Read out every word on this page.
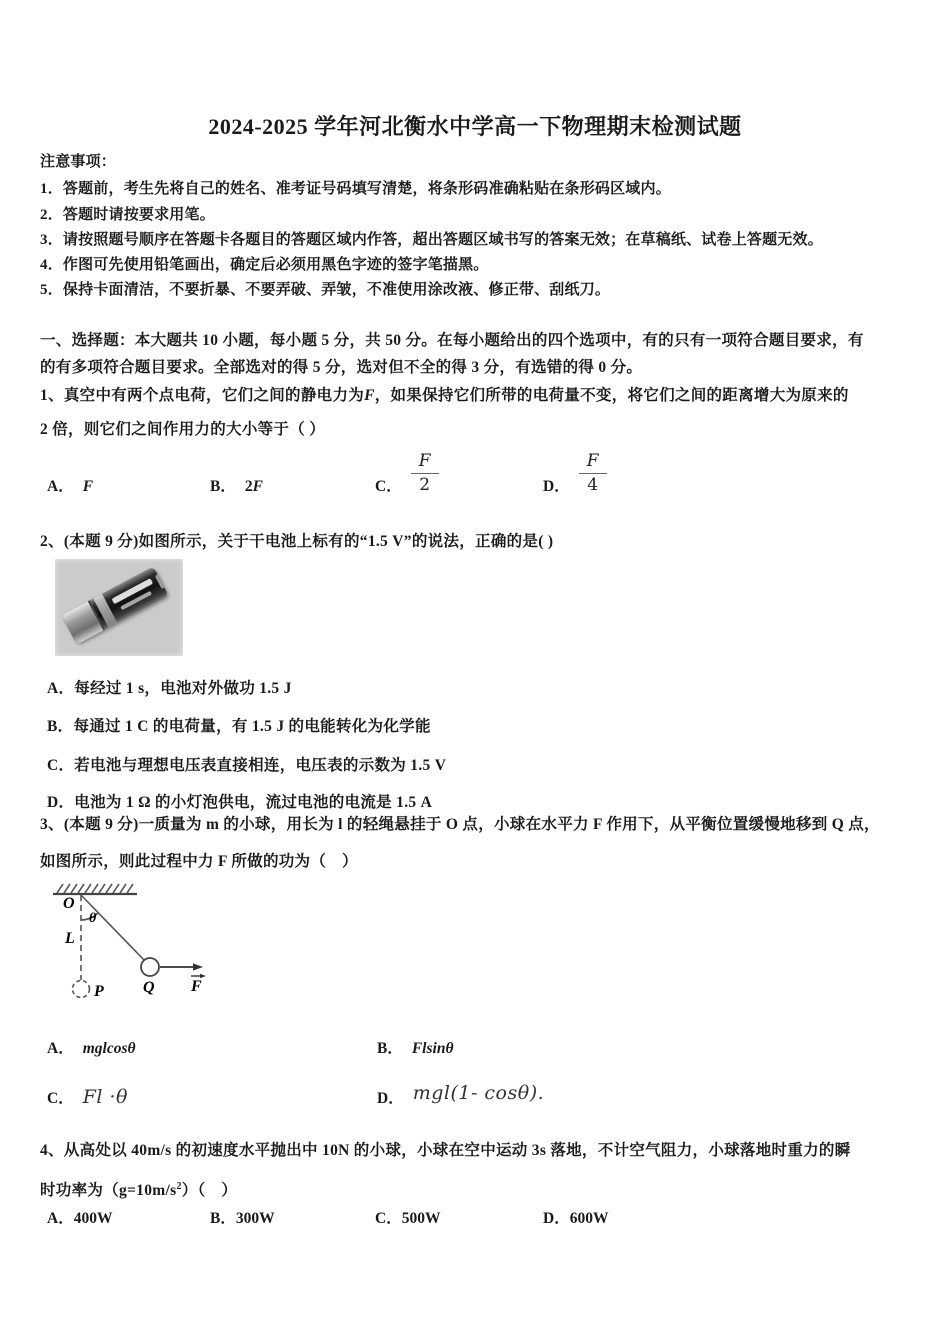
2024-2025 学年河北衡水中学高一下物理期末检测试题
注意事项：
1．答题前，考生先将自己的姓名、准考证号码填写清楚，将条形码准确粘贴在条形码区域内。
2．答题时请按要求用笔。
3．请按照题号顺序在答题卡各题目的答题区域内作答，超出答题区域书写的答案无效；在草稿纸、试卷上答题无效。
4．作图可先使用铅笔画出，确定后必须用黑色字迹的签字笔描黑。
5．保持卡面清洁，不要折暴、不要弄破、弄皱，不准使用涂改液、修正带、刮纸刀。
一、选择题：本大题共 10 小题，每小题 5 分，共 50 分。在每小题给出的四个选项中，有的只有一项符合题目要求，有
的有多项符合题目要求。全部选对的得 5 分，选对但不全的得 3 分，有选错的得 0 分。
1、真空中有两个点电荷，它们之间的静电力为F，如果保持它们所带的电荷量不变，将它们之间的距离增大为原来的
2 倍，则它们之间作用力的大小等于（ ）
A． F	B． 2F	C． $\frac{F}{2}$	D． $\frac{F}{4}$
2、(本题 9 分)如图所示，关于干电池上标有的“1.5 V”的说法，正确的是( )
A．每经过 1 s，电池对外做功 1.5 J
B．每通过 1 C 的电荷量，有 1.5 J 的电能转化为化学能
C．若电池与理想电压表直接相连，电压表的示数为 1.5 V
D．电池为 1 Ω 的小灯泡供电，流过电池的电流是 1.5 A
3、(本题 9 分)一质量为 m 的小球，用长为 l 的轻绳悬挂于 O 点，小球在水平力 F 作用下，从平衡位置缓慢地移到 Q 点，
如图所示，则此过程中力 F 所做的功为（　）
O
θ
L
P Q F
A． mglcosθ	B． Flsinθ
C． Fl ·θ	D． mgl(1- cosθ).
4、从高处以 40m/s 的初速度水平抛出中 10N 的小球，小球在空中运动 3s 落地，不计空气阻力，小球落地时重力的瞬
时功率为$(g=10m/s^2)$（　）
A．400W	B．300W	C．500W	D．600W
